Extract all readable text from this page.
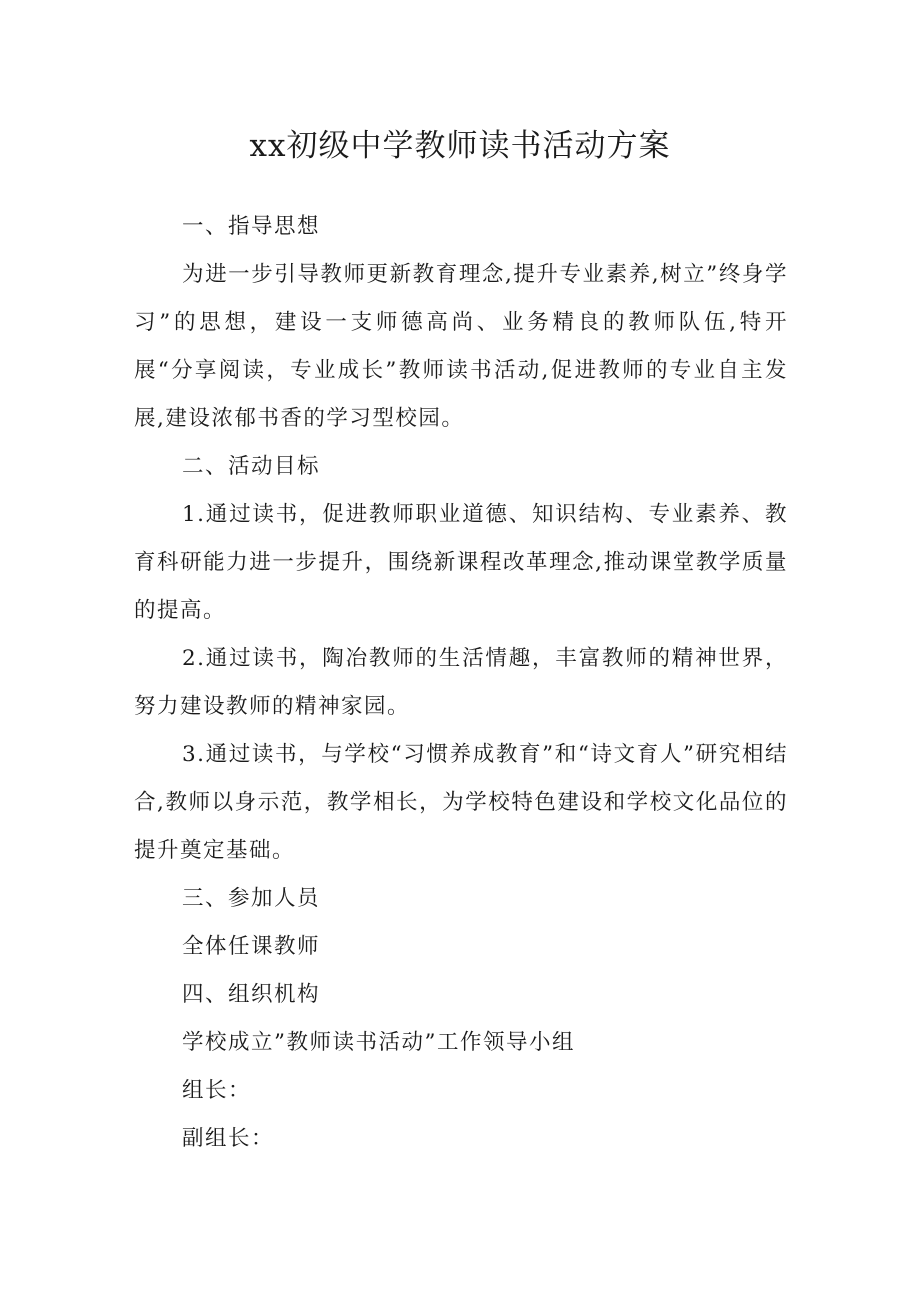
xx初级中学教师读书活动方案

一、指导思想

为进一步引导教师更新教育理念,提升专业素养,树立”终身学习”的思想，建设一支师德高尚、业务精良的教师队伍,特开展“分享阅读，专业成长”教师读书活动,促进教师的专业自主发展,建设浓郁书香的学习型校园。

二、活动目标

1.通过读书，促进教师职业道德、知识结构、专业素养、教育科研能力进一步提升，围绕新课程改革理念,推动课堂教学质量的提高。

2.通过读书，陶冶教师的生活情趣，丰富教师的精神世界，努力建设教师的精神家园。

3.通过读书，与学校“习惯养成教育”和“诗文育人”研究相结合,教师以身示范，教学相长，为学校特色建设和学校文化品位的提升奠定基础。

三、参加人员

全体任课教师

四、组织机构

学校成立”教师读书活动”工作领导小组

组长：

副组长：
